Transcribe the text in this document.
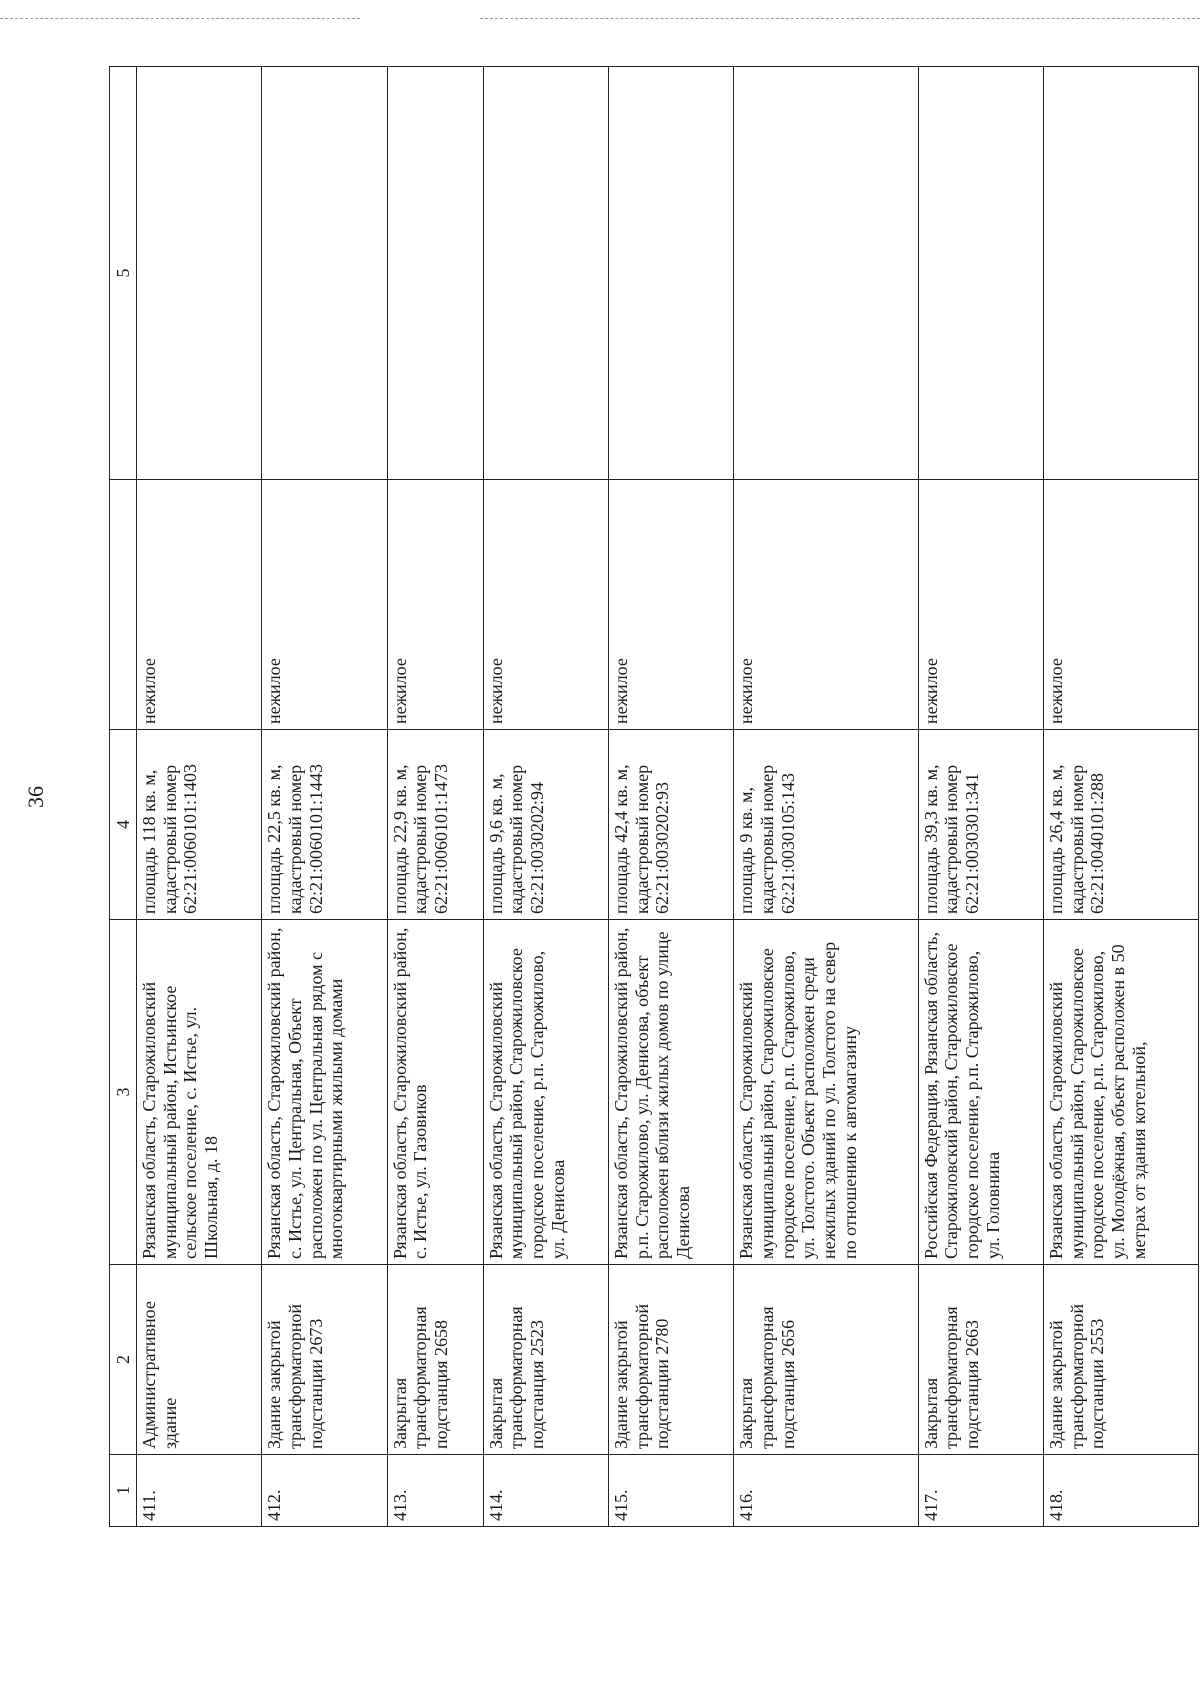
36
1	2	3	4		5
411.	Административное здание	Рязанская область, Старожиловский муниципальный район, Истьинское сельское поселение, с. Истье, ул. Школьная, д. 18	площадь 118 кв. м, кадастровый номер 62:21:0060101:1403	нежилое	
412.	Здание закрытой трансформаторной подстанции 2673	Рязанская область, Старожиловский район, с. Истье, ул. Центральная, Объект расположен по ул. Центральная рядом с многоквартирными жилыми домами	площадь 22,5 кв. м, кадастровый номер 62:21:0060101:1443	нежилое	
413.	Закрытая трансформаторная подстанция 2658	Рязанская область, Старожиловский район, с. Истье, ул. Газовиков	площадь 22,9 кв. м, кадастровый номер 62:21:0060101:1473	нежилое	
414.	Закрытая трансформаторная подстанция 2523	Рязанская область, Старожиловский муниципальный район, Старожиловское городское поселение, р.п. Старожилово, ул. Денисова	площадь 9,6 кв. м, кадастровый номер 62:21:0030202:94	нежилое	
415.	Здание закрытой трансформаторной подстанции 2780	Рязанская область, Старожиловский район, р.п. Старожилово, ул. Денисова, объект расположен вблизи жилых домов по улице Денисова	площадь 42,4 кв. м, кадастровый номер 62:21:0030202:93	нежилое	
416.	Закрытая трансформаторная подстанция 2656	Рязанская область, Старожиловский муниципальный район, Старожиловское городское поселение, р.п. Старожилово, ул. Толстого. Объект расположен среди нежилых зданий по ул. Толстого на север по отношению к автомагазину	площадь 9 кв. м, кадастровый номер 62:21:0030105:143	нежилое	
417.	Закрытая трансформаторная подстанция 2663	Российская Федерация, Рязанская область, Старожиловский район, Старожиловское городское поселение, р.п. Старожилово, ул. Головнина	площадь 39,3 кв. м, кадастровый номер 62:21:0030301:341	нежилое	
418.	Здание закрытой трансформаторной подстанции 2553	Рязанская область, Старожиловский муниципальный район, Старожиловское городское поселение, р.п. Старожилово, ул. Молодёжная, объект расположен в 50 метрах от здания котельной,	площадь 26,4 кв. м, кадастровый номер 62:21:0040101:288	нежилое	
